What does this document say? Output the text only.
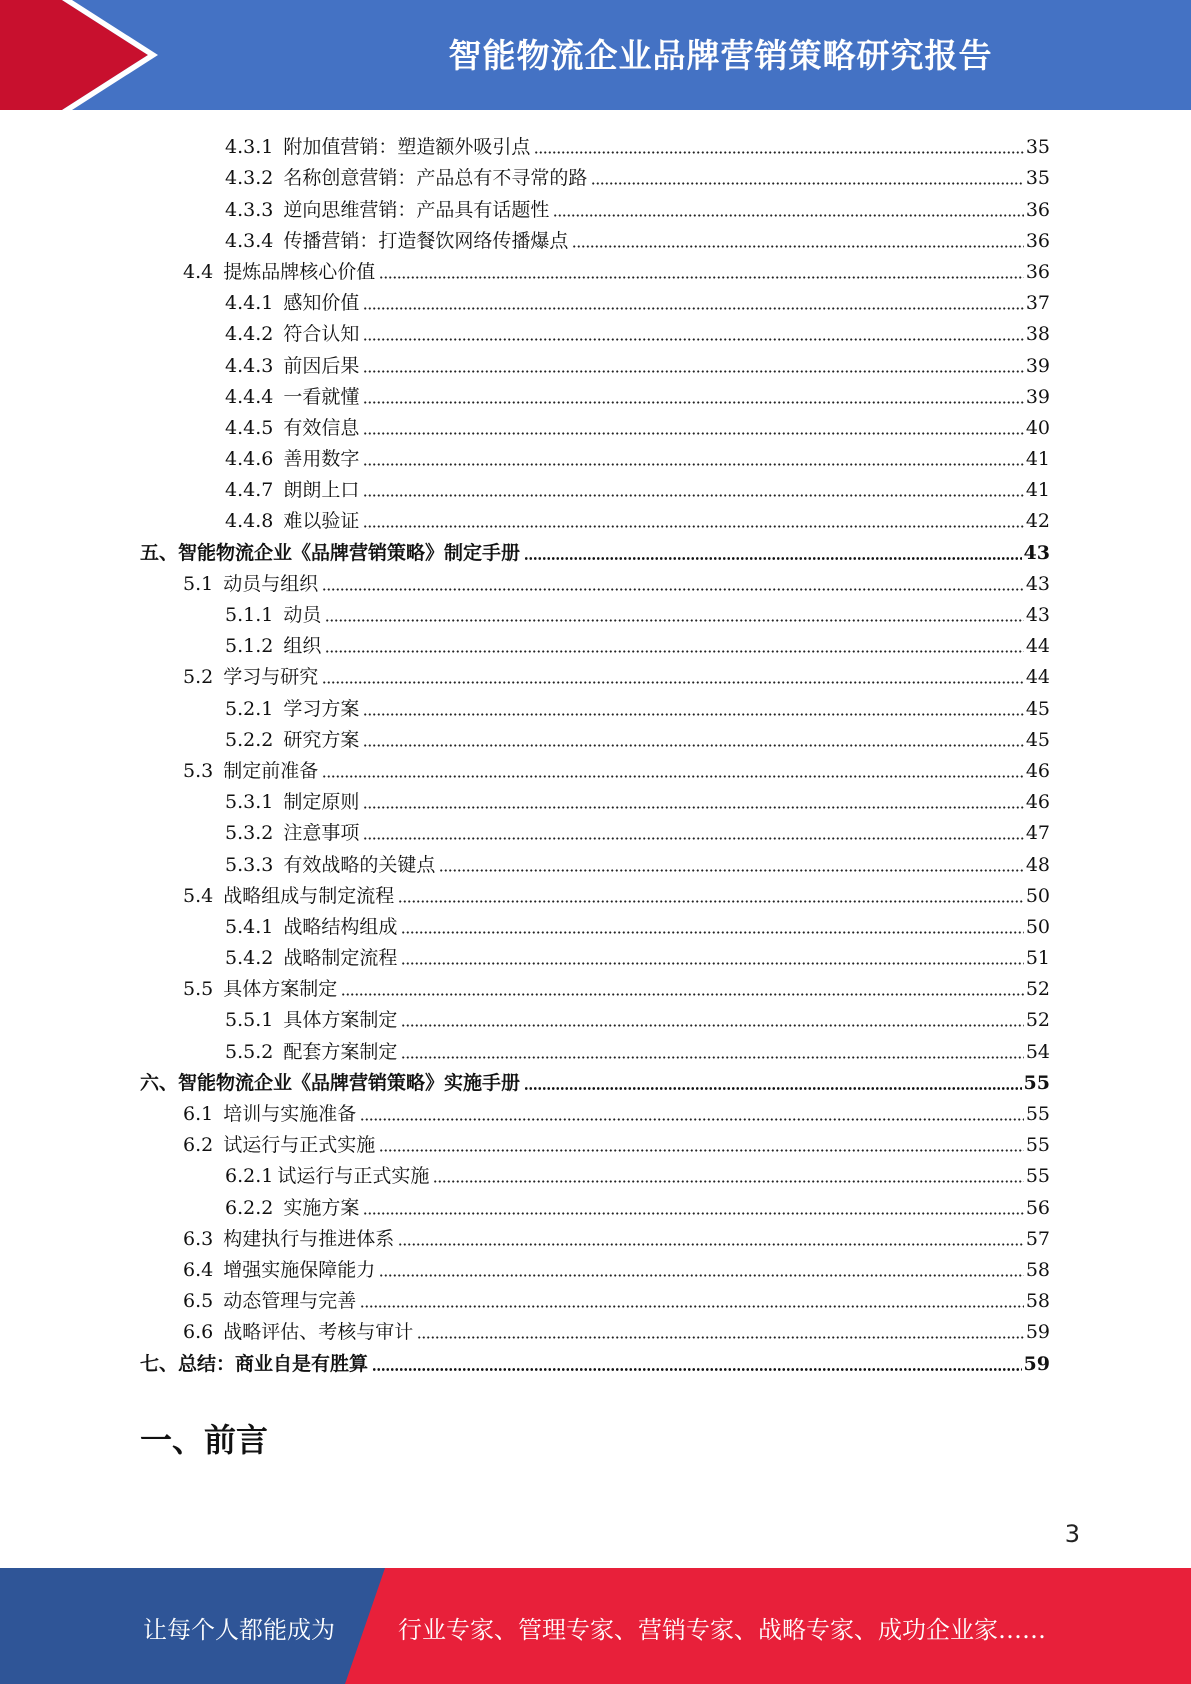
智能物流企业品牌营销策略研究报告
4.3.1 附加值营销：塑造额外吸引点	35
4.3.2 名称创意营销：产品总有不寻常的路	35
4.3.3 逆向思维营销：产品具有话题性	36
4.3.4 传播营销：打造餐饮网络传播爆点	36
4.4 提炼品牌核心价值	36
4.4.1 感知价值	37
4.4.2 符合认知	38
4.4.3 前因后果	39
4.4.4 一看就懂	39
4.4.5 有效信息	40
4.4.6 善用数字	41
4.4.7 朗朗上口	41
4.4.8 难以验证	42
五、智能物流企业《品牌营销策略》制定手册	43
5.1 动员与组织	43
5.1.1 动员	43
5.1.2 组织	44
5.2 学习与研究	44
5.2.1 学习方案	45
5.2.2 研究方案	45
5.3 制定前准备	46
5.3.1 制定原则	46
5.3.2 注意事项	47
5.3.3 有效战略的关键点	48
5.4 战略组成与制定流程	50
5.4.1 战略结构组成	50
5.4.2 战略制定流程	51
5.5 具体方案制定	52
5.5.1 具体方案制定	52
5.5.2 配套方案制定	54
六、智能物流企业《品牌营销策略》实施手册	55
6.1 培训与实施准备	55
6.2 试运行与正式实施	55
6.2.1 试运行与正式实施	55
6.2.2 实施方案	56
6.3 构建执行与推进体系	57
6.4 增强实施保障能力	58
6.5 动态管理与完善	58
6.6 战略评估、考核与审计	59
七、总结：商业自是有胜算	59
一、前言
3
让每个人都能成为	行业专家、管理专家、营销专家、战略专家、成功企业家……
